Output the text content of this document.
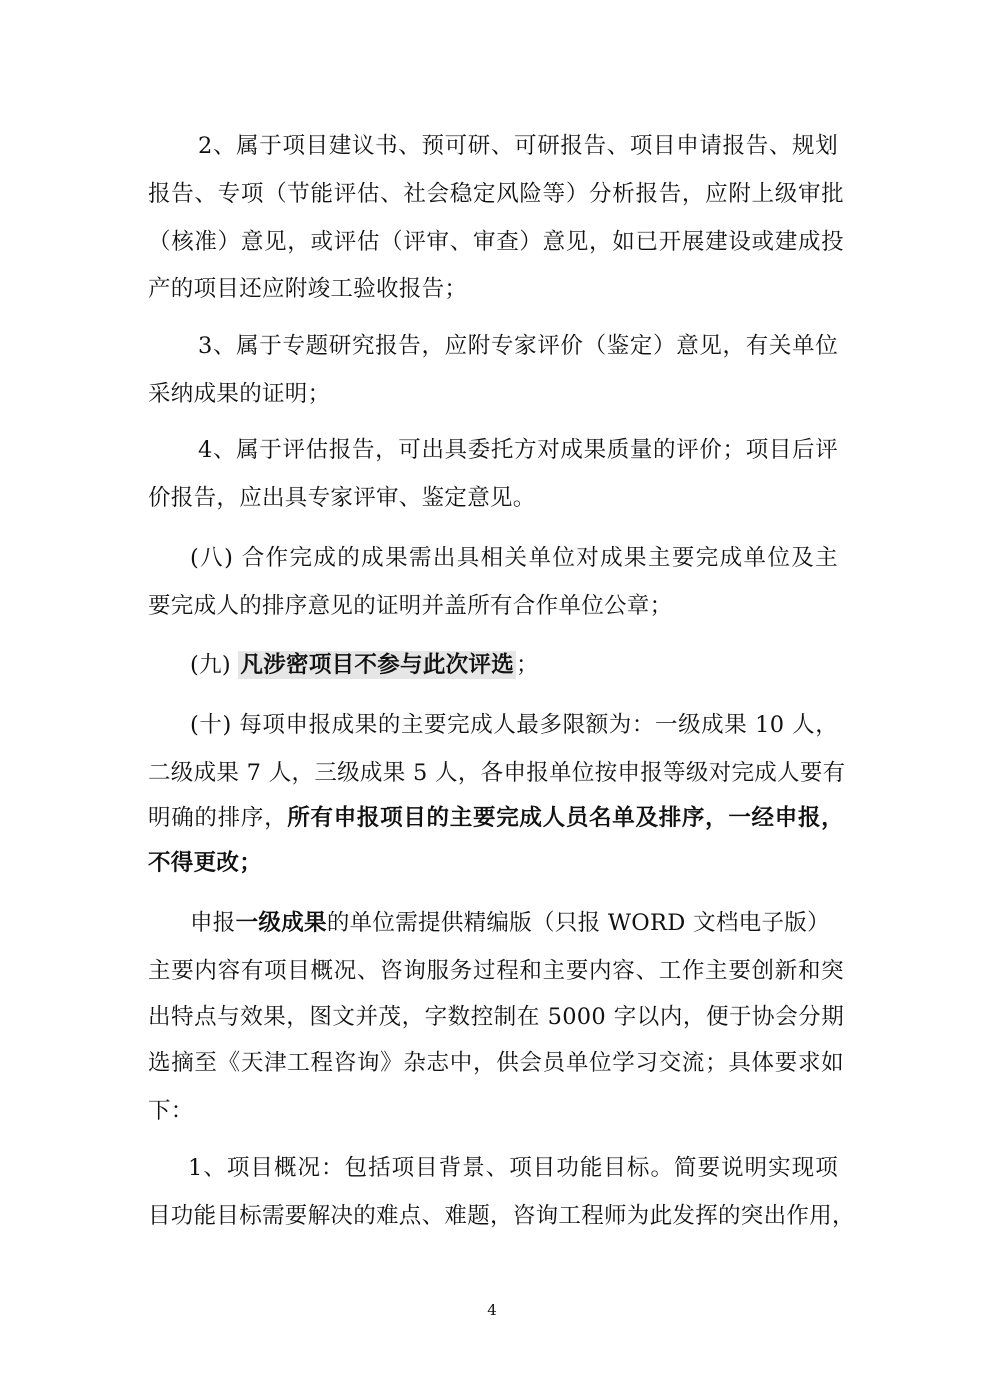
2、属于项目建议书、预可研、可研报告、项目申请报告、规划
报告、专项（节能评估、社会稳定风险等）分析报告，应附上级审批
（核准）意见，或评估（评审、审查）意见，如已开展建设或建成投
产的项目还应附竣工验收报告；
3、属于专题研究报告，应附专家评价（鉴定）意见，有关单位
采纳成果的证明；
4、属于评估报告，可出具委托方对成果质量的评价；项目后评
价报告，应出具专家评审、鉴定意见。
(八) 合作完成的成果需出具相关单位对成果主要完成单位及主
要完成人的排序意见的证明并盖所有合作单位公章；
(九) 凡涉密项目不参与此次评选；
(十) 每项申报成果的主要完成人最多限额为：一级成果 10 人，
二级成果 7 人，三级成果 5 人，各申报单位按申报等级对完成人要有
明确的排序，所有申报项目的主要完成人员名单及排序，一经申报，
不得更改；
申报一级成果的单位需提供精编版（只报 WORD 文档电子版）
主要内容有项目概况、咨询服务过程和主要内容、工作主要创新和突
出特点与效果，图文并茂，字数控制在 5000 字以内，便于协会分期
选摘至《天津工程咨询》杂志中，供会员单位学习交流；具体要求如
下：
1、项目概况：包括项目背景、项目功能目标。简要说明实现项
目功能目标需要解决的难点、难题，咨询工程师为此发挥的突出作用，
4
